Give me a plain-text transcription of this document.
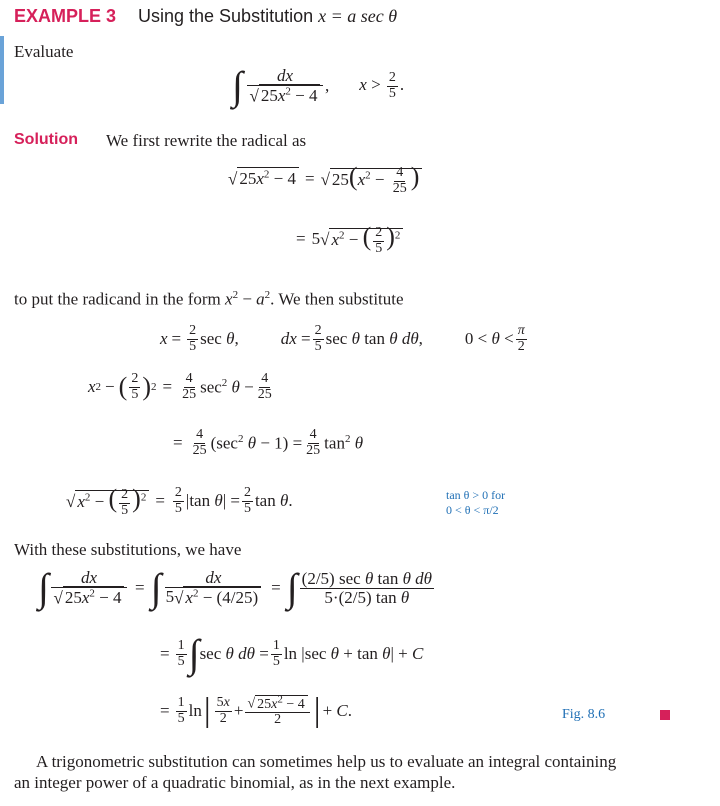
EXAMPLE 3 Using the Substitution x = a sec θ
Evaluate
∫ $\frac{dx}{√ 25x^2 - 4}$ , $x > \frac{2}{5}$ .
Solution We first rewrite the radical as
√ $25x^2 - 4$ = √ $25(x^2 - \frac{4}{25}$ )
= 5 √ $x^2$ − ( $\frac{2}{5} )^2$
to put the radicand in the form $x^2 - a^2$. We then substitute
$x = \frac{2}{5}$ sec θ, dx = $\frac{2}{5}$ sec θ tan θ dθ, $0 < \theta < \frac{\pi}{2}$
x 2 − ( $\frac{2}{5}$ ) $2 = \frac{4}{25} \sec^2 \theta - \frac{4}{25}$
= $\frac{4}{25} (\sec^2$ $\theta - 1) = \frac{4}{25} \tan^2 \theta$
√ $x^2$ − ( $\frac{2}{5} )^2 = \frac{2}{5} |\tan$ $\theta| = \frac{2}{5}$ tan θ.	tan θ > 0 for
0 < θ < π/2
With these substitutions, we have
∫ $\frac{dx}{√ 25x^2 - 4}$ = ∫ $\frac{dx}{5√ x^2 - (4/25)}$ = ∫ $\frac{\text{(2/5) sec θ tan θ dθ}}{\text{5·(2/5) tan θ}}$
= $\frac{1}{5}$ ∫ sec θ $d\theta = \frac{1}{5}$ ln |sec θ + tan θ| + C
= $\frac{1}{5}$ ln | $\frac{5x}{2} + \frac{√ 25x^2 - 4}{2}$ | + C.	Fig. 8.6
A trigonometric substitution can sometimes help us to evaluate an integral containing
an integer power of a quadratic binomial, as in the next example.
